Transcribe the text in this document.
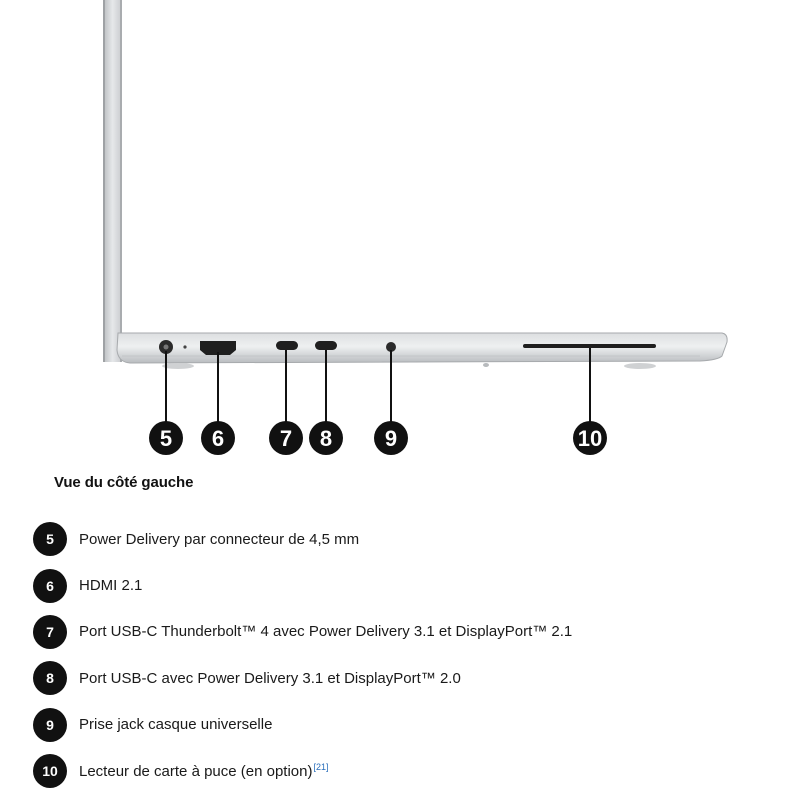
5 6	7 8 9	10
Vue du côté gauche
5	Power Delivery par connecteur de 4,5 mm
6	HDMI 2.1
7	Port USB-C Thunderbolt™ 4 avec Power Delivery 3.1 et DisplayPort™ 2.1
8	Port USB-C avec Power Delivery 3.1 et DisplayPort™ 2.0
9	Prise jack casque universelle
10	Lecteur de carte à puce (en option)[21]
